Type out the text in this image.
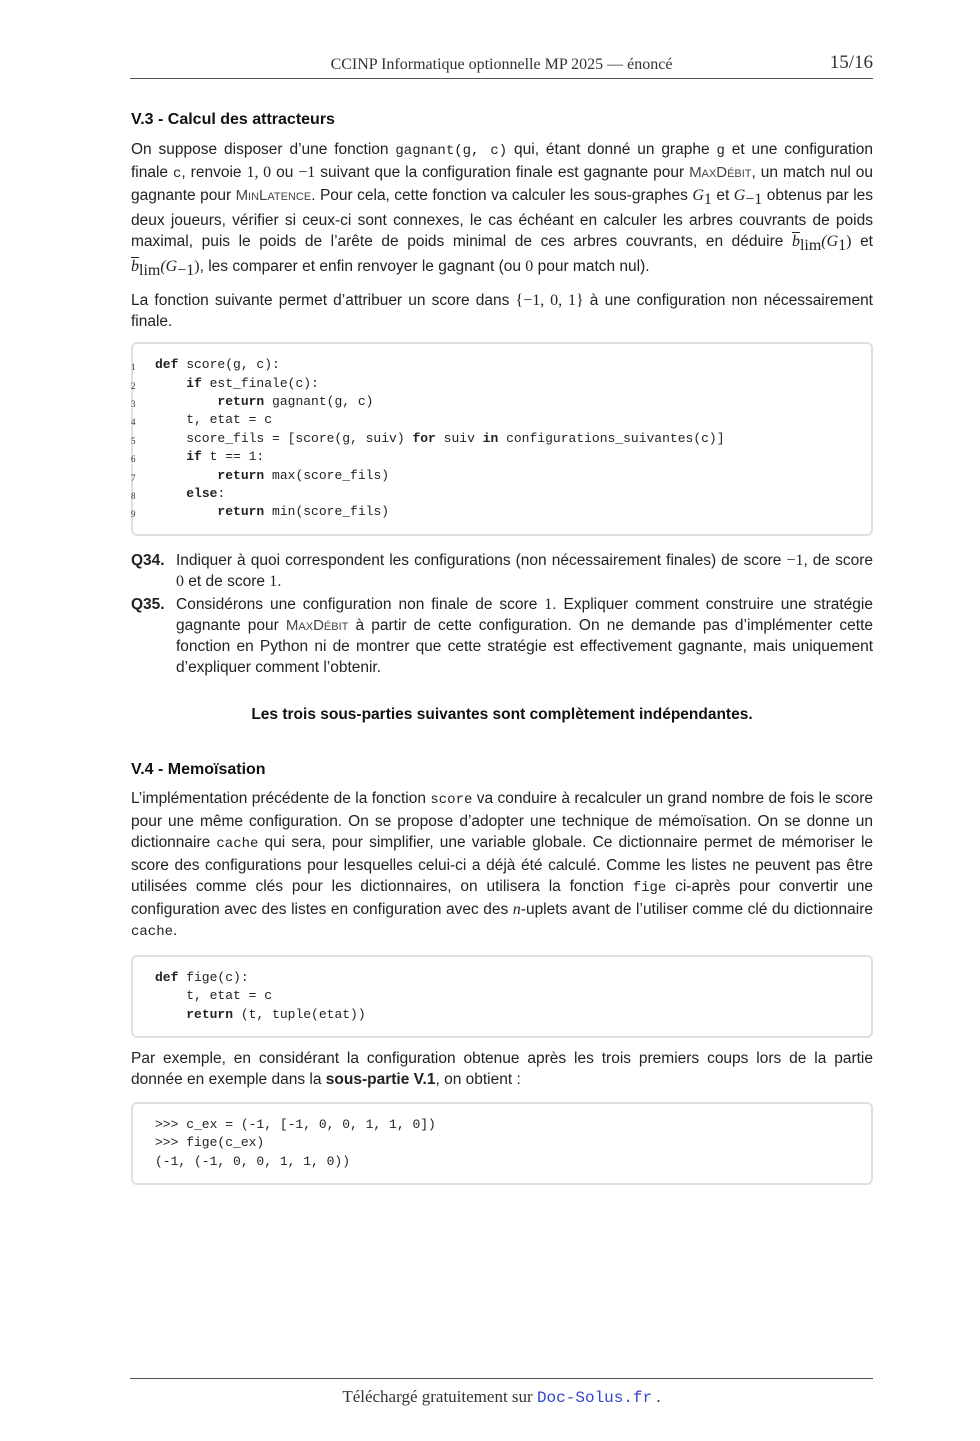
CCINP Informatique optionnelle MP 2025 — énoncé	15/16
V.3 - Calcul des attracteurs

On suppose disposer d’une fonction gagnant(g, c) qui, étant donné un graphe g et une configuration finale c, renvoie 1, 0 ou −1 suivant que la configuration finale est gagnante pour MaxDébit, un match nul ou gagnante pour MinLatence. Pour cela, cette fonction va calculer les sous-graphes $G_1$ et $G_{-1}$ obtenus par les deux joueurs, vérifier si ceux-ci sont connexes, le cas échéant en calculer les arbres couvrants de poids maximal, puis le poids de l’arête de poids minimal de ces arbres couvrants, en déduire $\overline{b}_{lim}(G_1)$ et $\overline{b}_{lim}(G_{-1})$, les comparer et enfin renvoyer le gagnant (ou 0 pour match nul).

La fonction suivante permet d’attribuer un score dans {−1, 0, 1} à une configuration non nécessairement finale.

1 def score(g, c):
2	if est_finale(c):
3	return gagnant(g, c)
4 t, etat = c
5 score_fils = [score(g, suiv) for suiv in configurations_suivantes(c)]
6	if t == 1:
7	return max(score_fils)
8	else:
9	return min(score_fils)
Q34. Indiquer à quoi correspondent les configurations (non nécessairement finales) de score −1, de score 0 et de score 1.
Q35. Considérons une configuration non finale de score 1. Expliquer comment construire une stratégie gagnante pour MaxDébit à partir de cette configuration. On ne demande pas d’implémenter cette fonction en Python ni de montrer que cette stratégie est effectivement gagnante, mais uniquement d’expliquer comment l’obtenir.
Les trois sous-parties suivantes sont complètement indépendantes.
V.4 - Memoïsation

L’implémentation précédente de la fonction score va conduire à recalculer un grand nombre de fois le score pour une même configuration. On se propose d’adopter une technique de mémoïsation. On se donne un dictionnaire cache qui sera, pour simplifier, une variable globale. Ce dictionnaire permet de mémoriser le score des configurations pour lesquelles celui-ci a déjà été calculé. Comme les listes ne peuvent pas être utilisées comme clés pour les dictionnaires, on utilisera la fonction fige ci-après pour convertir une configuration avec des listes en configuration avec des n-uplets avant de l’utiliser comme clé du dictionnaire cache.

def fige(c):
t, etat = c
return (t, tuple(etat))

Par exemple, en considérant la configuration obtenue après les trois premiers coups lors de la partie donnée en exemple dans la sous-partie V.1, on obtient :

>>> c_ex = (-1, [-1, 0, 0, 1, 1, 0])
>>> fige(c_ex)
(-1, (-1, 0, 0, 1, 1, 0))
Téléchargé gratuitement sur Doc-Solus.fr .
